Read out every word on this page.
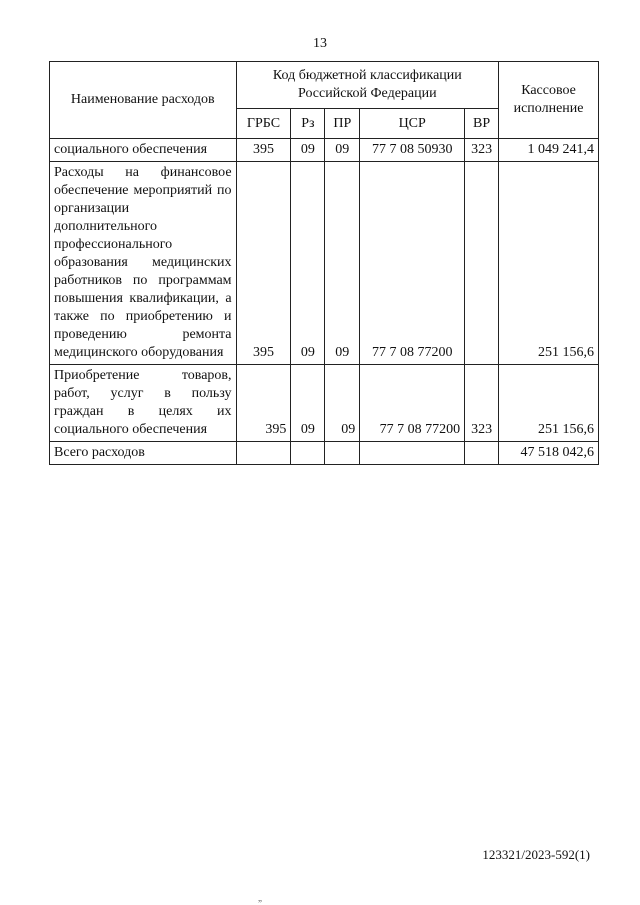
13
Наименование расходов	Код бюджетной классификации Российской Федерации					Кассовое исполнение
	ГРБС	Рз	ПР	ЦСР	ВР	
социального обеспечения	395	09	09	77 7 08 50930	323	1 049 241,4
Расходы на финансовое обеспечение мероприятий по организации дополнительного профессионального образования медицинских работников по программам повышения квалификации, а также по приобретению и проведению ремонта медицинского оборудования	395	09	09	77 7 08 77200		251 156,6
Приобретение товаров, работ, услуг в пользу граждан в целях их социального обеспечения	395	09	09	77 7 08 77200	323	251 156,6
Всего расходов						47 518 042,6
123321/2023-592(1)
„
